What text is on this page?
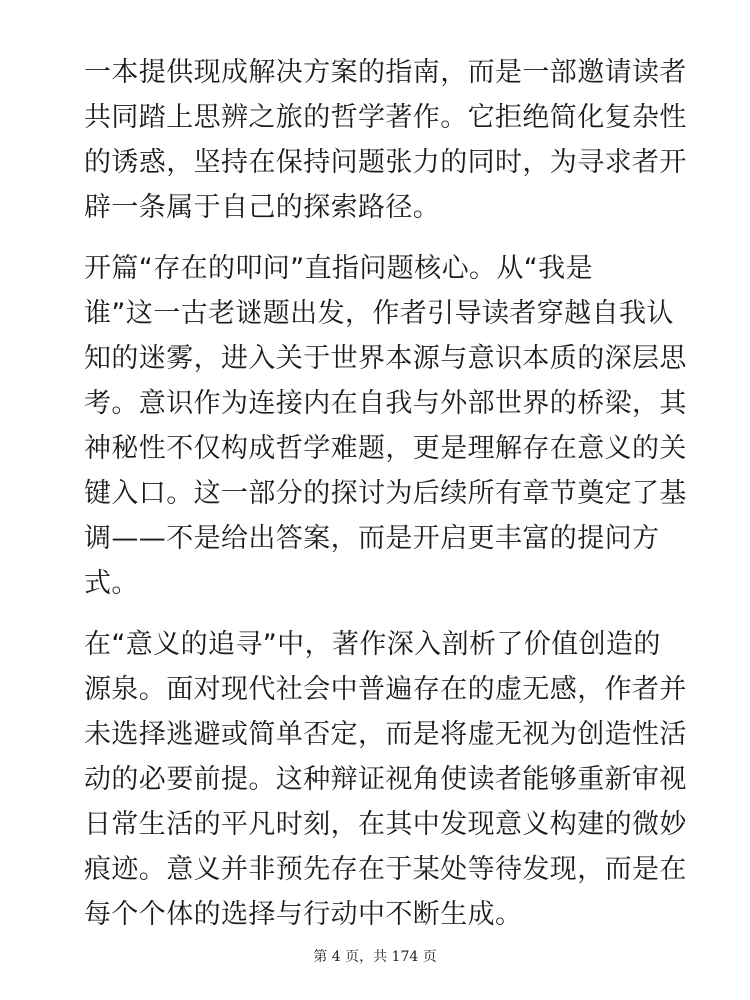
一本提供现成解决方案的指南，而是一部邀请读者
共同踏上思辨之旅的哲学著作。它拒绝简化复杂性
的诱惑，坚持在保持问题张力的同时，为寻求者开
辟一条属于自己的探索路径。

开篇“存在的叩问”直指问题核心。从“我是
谁”这一古老谜题出发，作者引导读者穿越自我认
知的迷雾，进入关于世界本源与意识本质的深层思
考。意识作为连接内在自我与外部世界的桥梁，其
神秘性不仅构成哲学难题，更是理解存在意义的关
键入口。这一部分的探讨为后续所有章节奠定了基
调——不是给出答案，而是开启更丰富的提问方
式。

在“意义的追寻”中，著作深入剖析了价值创造的
源泉。面对现代社会中普遍存在的虚无感，作者并
未选择逃避或简单否定，而是将虚无视为创造性活
动的必要前提。这种辩证视角使读者能够重新审视
日常生活的平凡时刻，在其中发现意义构建的微妙
痕迹。意义并非预先存在于某处等待发现，而是在
每个个体的选择与行动中不断生成。

第 4 页，共 174 页
